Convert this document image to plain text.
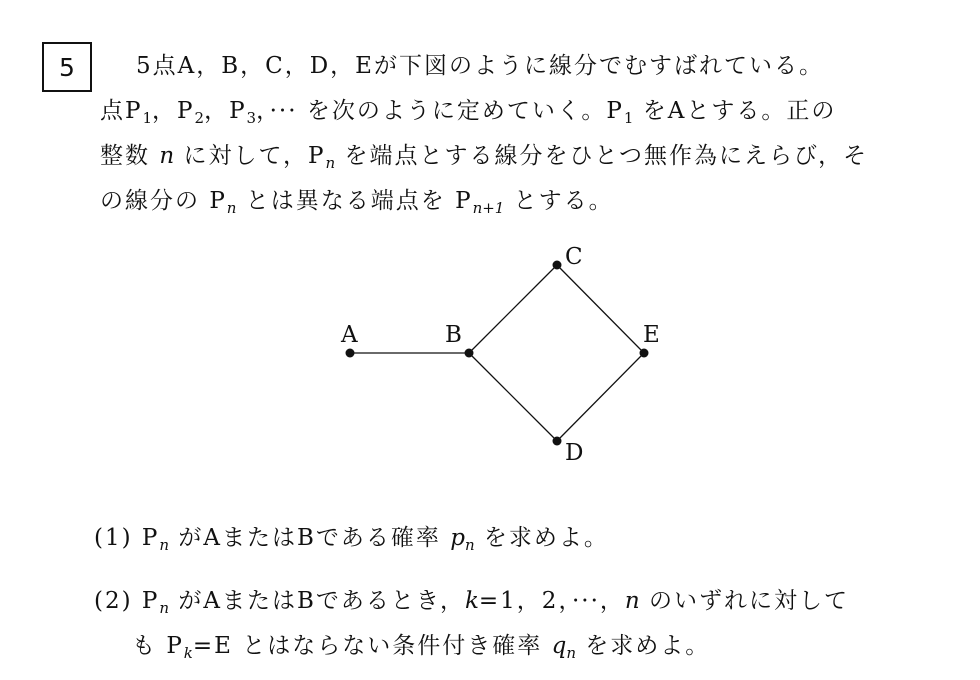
5	5点A，B，C，D，Eが下図のように線分でむすばれている。
点$P_1$，$P_2$，$P_3$，··· を次のように定めていく。$P_1$ をAとする。正の
整数 n に対して，$P_n$ を端点とする線分をひとつ無作為にえらび，そ
の線分の $P_n$ とは異なる端点を $P_{n+1}$ とする。
A	B
C
D
E
(1) $P_n$ がAまたはBである確率 $p_n$ を求めよ。
(2) $P_n$ がAまたはBであるとき，k=1，2，···，n のいずれに対して
も $P_k=E$ とはならない条件付き確率 $q_n$ を求めよ。
